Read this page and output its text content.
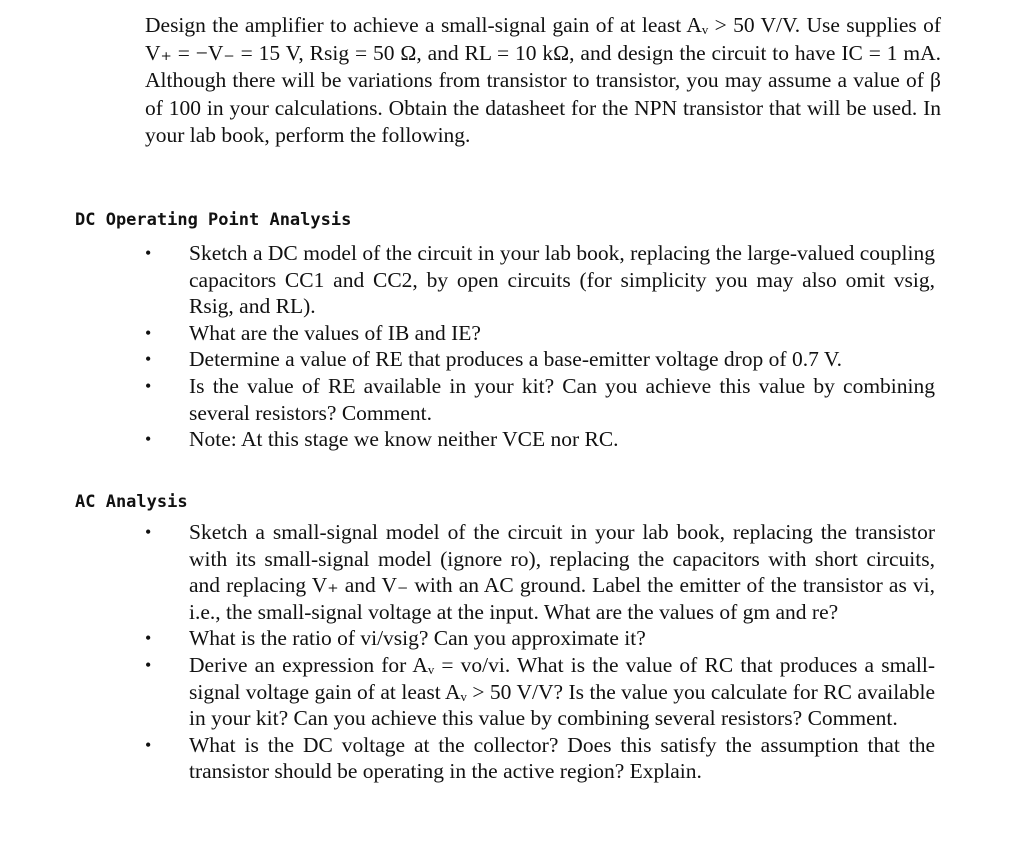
Design the amplifier to achieve a small-signal gain of at least Aᵥ > 50 V/V. Use supplies of V₊ = −V₋ = 15 V, Rsig = 50 Ω, and RL = 10 kΩ, and design the circuit to have IC = 1 mA. Although there will be variations from transistor to transistor, you may assume a value of β of 100 in your calculations. Obtain the datasheet for the NPN transistor that will be used. In your lab book, perform the following.

DC Operating Point Analysis
• Sketch a DC model of the circuit in your lab book, replacing the large-valued coupling capacitors CC1 and CC2, by open circuits (for simplicity you may also omit vsig, Rsig, and RL).
• What are the values of IB and IE?
• Determine a value of RE that produces a base-emitter voltage drop of 0.7 V.
• Is the value of RE available in your kit? Can you achieve this value by combining several resistors? Comment.
• Note: At this stage we know neither VCE nor RC.
AC Analysis
• Sketch a small-signal model of the circuit in your lab book, replacing the transistor with its small-signal model (ignore ro), replacing the capacitors with short circuits, and replacing V₊ and V₋ with an AC ground. Label the emitter of the transistor as vi, i.e., the small-signal voltage at the input. What are the values of gm and re?
• What is the ratio of vi/vsig? Can you approximate it?
• Derive an expression for Aᵥ = vo/vi. What is the value of RC that produces a small-signal voltage gain of at least Aᵥ > 50 V/V? Is the value you calculate for RC available in your kit? Can you achieve this value by combining several resistors? Comment.
• What is the DC voltage at the collector? Does this satisfy the assumption that the transistor should be operating in the active region? Explain.
